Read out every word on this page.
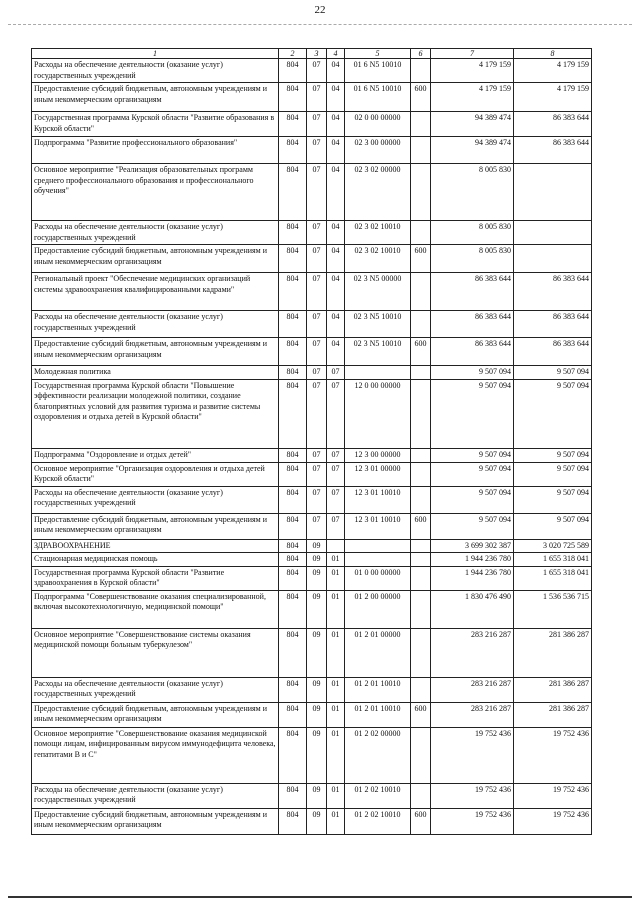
22
1	2	3	4	5	6	7	8
Расходы на обеспечение деятельности (оказание услуг) государственных учреждений	804	07	04	01 6 N5 10010		4 179 159	4 179 159
Предоставление субсидий бюджетным, автономным учреждениям и иным некоммерческим организациям	804	07	04	01 6 N5 10010	600	4 179 159	4 179 159
Государственная программа Курской области "Развитие образования в Курской области"	804	07	04	02 0 00 00000		94 389 474	86 383 644
Подпрограмма "Развитие профессионального образования"	804	07	04	02 3 00 00000		94 389 474	86 383 644
Основное мероприятие "Реализация образовательных программ среднего профессионального образования и профессионального обучения"	804	07	04	02 3 02 00000		8 005 830	
Расходы на обеспечение деятельности (оказание услуг) государственных учреждений	804	07	04	02 3 02 10010		8 005 830	
Предоставление субсидий бюджетным, автономным учреждениям и иным некоммерческим организациям	804	07	04	02 3 02 10010	600	8 005 830	
Региональный проект "Обеспечение медицинских организаций системы здравоохранения квалифицированными кадрами"	804	07	04	02 3 N5 00000		86 383 644	86 383 644
Расходы на обеспечение деятельности (оказание услуг) государственных учреждений	804	07	04	02 3 N5 10010		86 383 644	86 383 644
Предоставление субсидий бюджетным, автономным учреждениям и иным некоммерческим организациям	804	07	04	02 3 N5 10010	600	86 383 644	86 383 644
Молодежная политика	804	07	07			9 507 094	9 507 094
Государственная программа Курской области "Повышение эффективности реализации молодежной политики, создание благоприятных условий для развития туризма и развитие системы оздоровления и отдыха детей в Курской области"	804	07	07	12 0 00 00000		9 507 094	9 507 094
Подпрограмма "Оздоровление и отдых детей"	804	07	07	12 3 00 00000		9 507 094	9 507 094
Основное мероприятие "Организация оздоровления и отдыха детей Курской области"	804	07	07	12 3 01 00000		9 507 094	9 507 094
Расходы на обеспечение деятельности (оказание услуг) государственных учреждений	804	07	07	12 3 01 10010		9 507 094	9 507 094
Предоставление субсидий бюджетным, автономным учреждениям и иным некоммерческим организациям	804	07	07	12 3 01 10010	600	9 507 094	9 507 094
ЗДРАВООХРАНЕНИЕ	804	09				3 699 302 387	3 020 725 589
Стационарная медицинская помощь	804	09	01			1 944 236 780	1 655 318 041
Государственная программа Курской области "Развитие здравоохранения в Курской области"	804	09	01	01 0 00 00000		1 944 236 780	1 655 318 041
Подпрограмма "Совершенствование оказания специализированной, включая высокотехнологичную, медицинской помощи"	804	09	01	01 2 00 00000		1 830 476 490	1 536 536 715
Основное мероприятие "Совершенствование системы оказания медицинской помощи больным туберкулезом"	804	09	01	01 2 01 00000		283 216 287	281 386 287
Расходы на обеспечение деятельности (оказание услуг) государственных учреждений	804	09	01	01 2 01 10010		283 216 287	281 386 287
Предоставление субсидий бюджетным, автономным учреждениям и иным некоммерческим организациям	804	09	01	01 2 01 10010	600	283 216 287	281 386 287
Основное мероприятие "Совершенствование оказания медицинской помощи лицам, инфицированным вирусом иммунодефицита человека, гепатитами В и С"	804	09	01	01 2 02 00000		19 752 436	19 752 436
Расходы на обеспечение деятельности (оказание услуг) государственных учреждений	804	09	01	01 2 02 10010		19 752 436	19 752 436
Предоставление субсидий бюджетным, автономным учреждениям и иным некоммерческим организациям	804	09	01	01 2 02 10010	600	19 752 436	19 752 436
